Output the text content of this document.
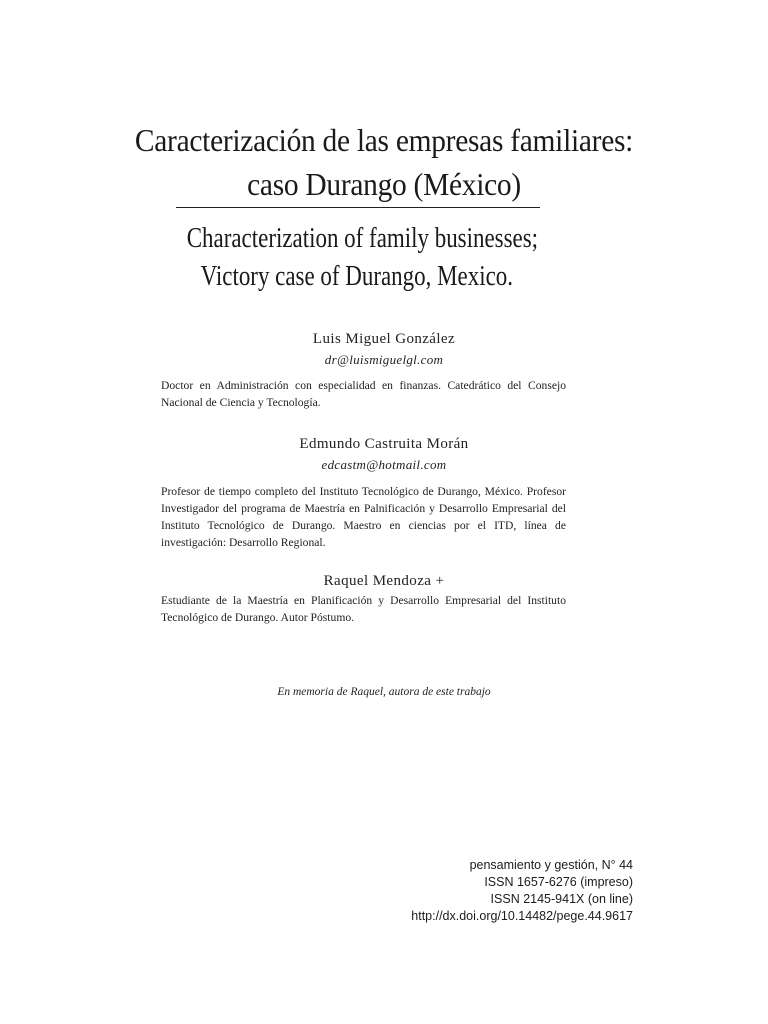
Caracterización de las empresas familiares:
caso Durango (México)
Characterization of family businesses;
Victory case of Durango, Mexico.
Luis Miguel González
dr@luismiguelgl.com
Doctor en Administración con especialidad en finanzas. Catedrático del Consejo Nacional de Ciencia y Tecnología.
Edmundo Castruita Morán
edcastm@hotmail.com
Profesor de tiempo completo del Instituto Tecnológico de Durango, México. Profesor Investigador del programa de Maestría en Palnificación y Desarrollo Empresarial del Instituto Tecnológico de Durango. Maestro en ciencias por el ITD, línea de investigación: Desarrollo Regional.
Raquel Mendoza +
Estudiante de la Maestría en Planificación y Desarrollo Empresarial del Instituto Tecnológico de Durango. Autor Póstumo.
En memoria de Raquel, autora de este trabajo
pensamiento y gestión, N° 44
ISSN 1657-6276 (impreso)
ISSN 2145-941X (on line)
http://dx.doi.org/10.14482/pege.44.9617
